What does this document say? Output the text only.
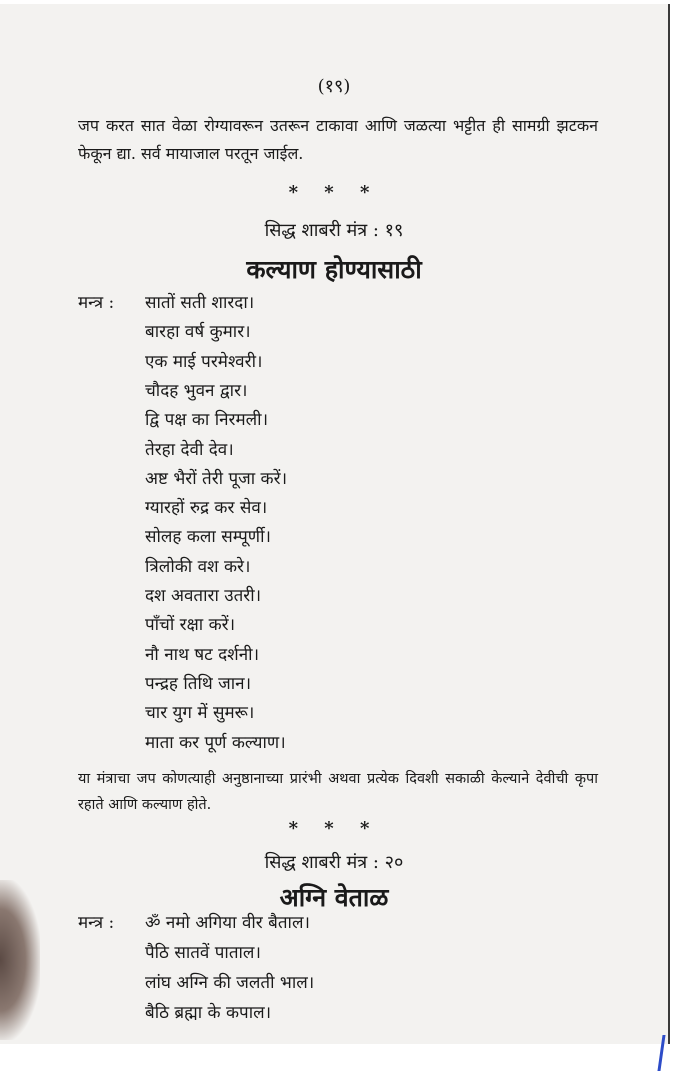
(१९)
जप करत सात वेळा रोग्यावरून उतरून टाकावा आणि जळत्या भट्टीत ही सामग्री झटकन फेकून द्या. सर्व मायाजाल परतून जाईल.
* * *
सिद्ध शाबरी मंत्र : १९
कल्याण होण्यासाठी
मन्त्र : सातों सती शारदा।
बारहा वर्ष कुमार।
एक माई परमेश्वरी।
चौदह भुवन द्वार।
द्वि पक्ष का निरमली।
तेरहा देवी देव।
अष्ट भैरों तेरी पूजा करें।
ग्यारहों रुद्र कर सेव।
सोलह कला सम्पूर्णी।
त्रिलोकी वश करे।
दश अवतारा उतरी।
पाँचों रक्षा करें।
नौ नाथ षट दर्शनी।
पन्द्रह तिथि जान।
चार युग में सुमरू।
माता कर पूर्ण कल्याण।
या मंत्राचा जप कोणत्याही अनुष्ठानाच्या प्रारंभी अथवा प्रत्येक दिवशी सकाळी केल्याने देवीची कृपा रहाते आणि कल्याण होते.
* * *
सिद्ध शाबरी मंत्र : २०
अग्नि वेताळ
मन्त्र : ॐ नमो अगिया वीर बैताल।
पैठि सातवें पाताल।
लांघ अग्नि की जलती भाल।
बैठि ब्रह्मा के कपाल।
